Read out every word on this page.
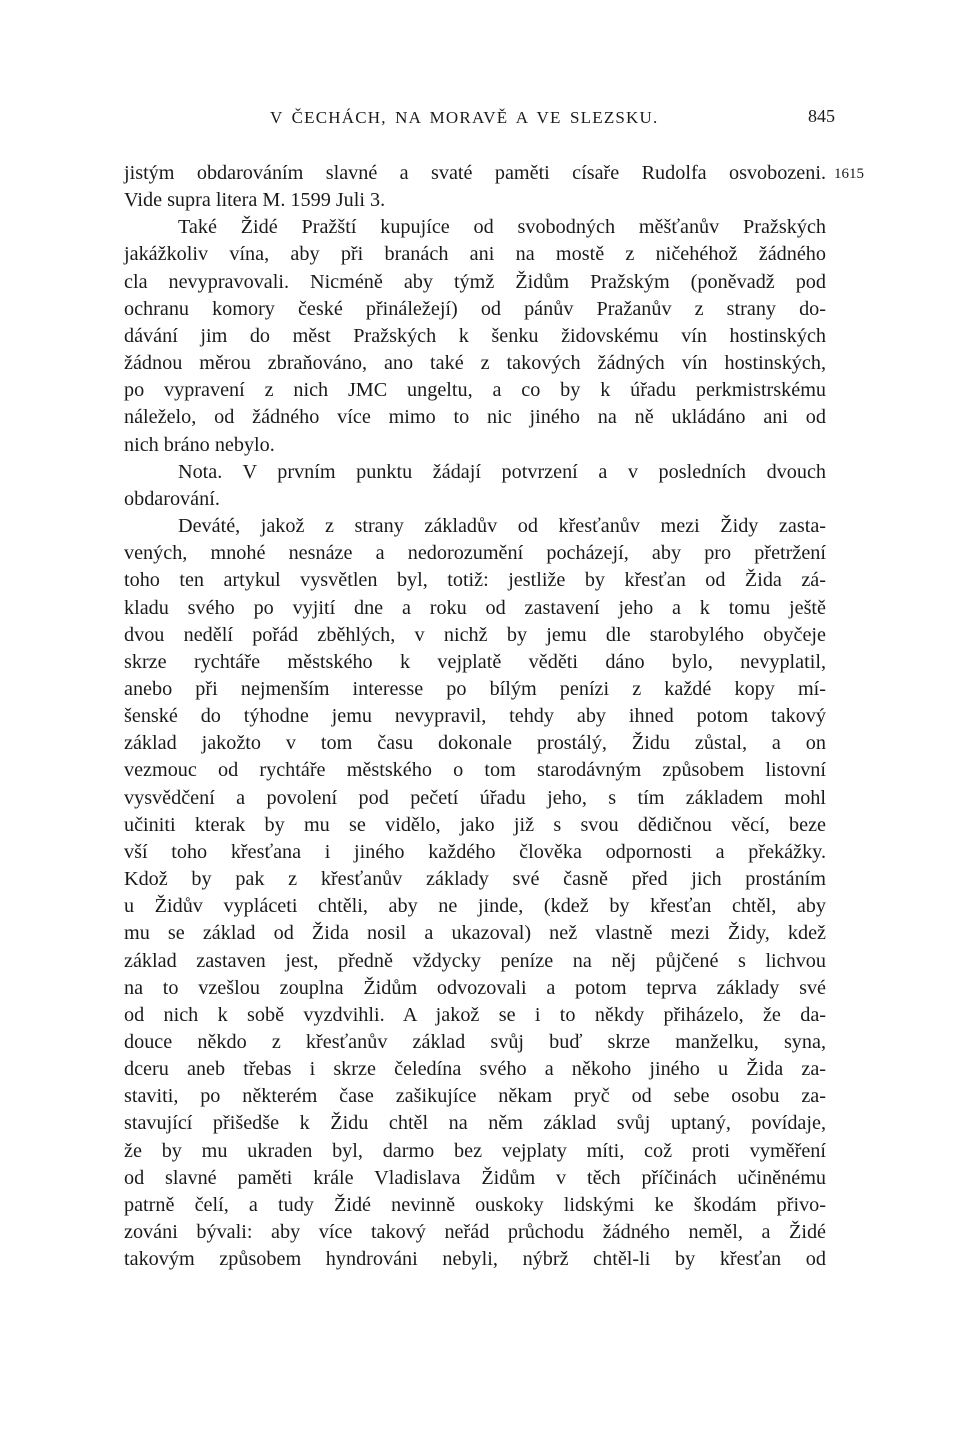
V ČECHÁCH, NA MORAVĚ A VE SLEZSKU.	845
1615
jistým obdarováním slavné a svaté paměti císaře Rudolfa osvobozeni.
Vide supra litera M. 1599 Juli 3.
Také Židé Pražští kupujíce od svobodných měšťanův Pražských
jakážkoliv vína, aby při branách ani na mostě z ničehéhož žádného
cla nevypravovali. Nicméně aby týmž Židům Pražským (poněvadž pod
ochranu komory české přináležejí) od pánův Pražanův z strany do-
dávání jim do měst Pražských k šenku židovskému vín hostinských
žádnou měrou zbraňováno, ano také z takových žádných vín hostinských,
po vypravení z nich JMC ungeltu, a co by k úřadu perkmistrskému
náleželo, od žádného více mimo to nic jiného na ně ukládáno ani od
nich bráno nebylo.
Nota. V prvním punktu žádají potvrzení a v posledních dvouch
obdarování.
Deváté, jakož z strany základův od křesťanův mezi Židy zasta-
vených, mnohé nesnáze a nedorozumění pocházejí, aby pro přetržení
toho ten artykul vysvětlen byl, totiž: jestliže by křesťan od Žida zá-
kladu svého po vyjití dne a roku od zastavení jeho a k tomu ještě
dvou nedělí pořád zběhlých, v nichž by jemu dle starobylého obyčeje
skrze rychtáře městského k vejplatě věděti dáno bylo, nevyplatil,
anebo při nejmenším interesse po bílým penízi z každé kopy mí-
šenské do týhodne jemu nevypravil, tehdy aby ihned potom takový
základ jakožto v tom času dokonale prostálý, Židu zůstal, a on
vezmouc od rychtáře městského o tom starodávným způsobem listovní
vysvědčení a povolení pod pečetí úřadu jeho, s tím základem mohl
učiniti kterak by mu se vidělo, jako již s svou dědičnou věcí, beze
vší toho křesťana i jiného každého člověka odpornosti a překážky.
Kdož by pak z křesťanův základy své časně před jich prostáním
u Židův vypláceti chtěli, aby ne jinde, (kdež by křesťan chtěl, aby
mu se základ od Žida nosil a ukazoval) než vlastně mezi Židy, kdež
základ zastaven jest, předně vždycky peníze na něj půjčené s lichvou
na to vzešlou zouplna Židům odvozovali a potom teprva základy své
od nich k sobě vyzdvihli. A jakož se i to někdy přiházelo, že da-
douce někdo z křesťanův základ svůj buď skrze manželku, syna,
dceru aneb třebas i skrze čeledína svého a někoho jiného u Žida za-
staviti, po některém čase zašikujíce někam pryč od sebe osobu za-
stavující přišedše k Židu chtěl na něm základ svůj uptaný, povídaje,
že by mu ukraden byl, darmo bez vejplaty míti, což proti vyměření
od slavné paměti krále Vladislava Židům v těch příčinách učiněnému
patrně čelí, a tudy Židé nevinně ouskoky lidskými ke škodám přivo-
zováni bývali: aby více takový neřád průchodu žádného neměl, a Židé
takovým způsobem hyndrováni nebyli, nýbrž chtěl-li by křesťan od
